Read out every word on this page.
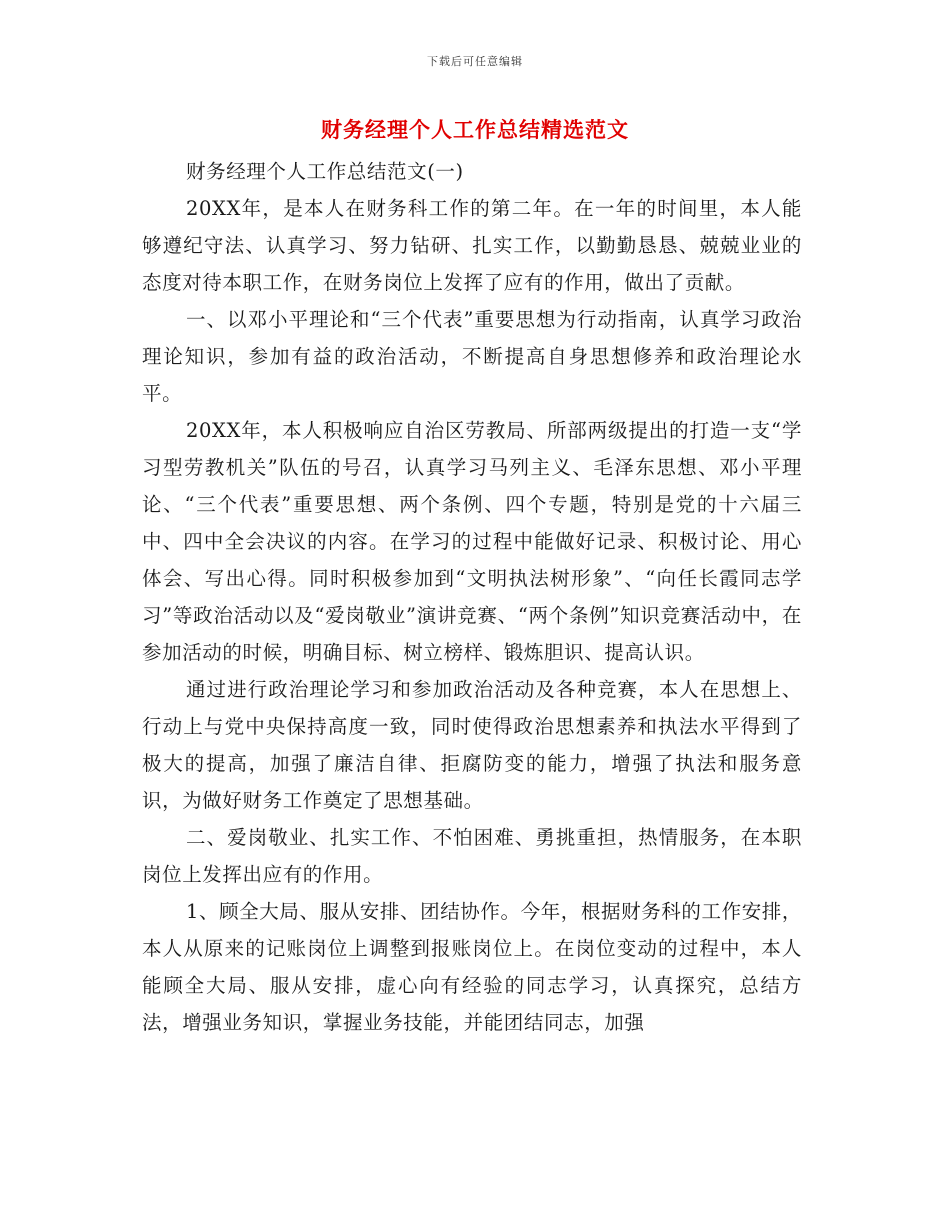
下载后可任意编辑
财务经理个人工作总结精选范文

财务经理个人工作总结范文(一)

20XX年，是本人在财务科工作的第二年。在一年的时间里，本人能够遵纪守法、认真学习、努力钻研、扎实工作，以勤勤恳恳、兢兢业业的态度对待本职工作，在财务岗位上发挥了应有的作用，做出了贡献。

一、以邓小平理论和“三个代表”重要思想为行动指南，认真学习政治理论知识，参加有益的政治活动，不断提高自身思想修养和政治理论水平。

20XX年，本人积极响应自治区劳教局、所部两级提出的打造一支“学习型劳教机关”队伍的号召，认真学习马列主义、毛泽东思想、邓小平理论、“三个代表”重要思想、两个条例、四个专题，特别是党的十六届三中、四中全会决议的内容。在学习的过程中能做好记录、积极讨论、用心体会、写出心得。同时积极参加到“文明执法树形象”、“向任长霞同志学习”等政治活动以及“爱岗敬业”演讲竞赛、“两个条例”知识竞赛活动中，在参加活动的时候，明确目标、树立榜样、锻炼胆识、提高认识。

通过进行政治理论学习和参加政治活动及各种竞赛，本人在思想上、行动上与党中央保持高度一致，同时使得政治思想素养和执法水平得到了极大的提高，加强了廉洁自律、拒腐防变的能力，增强了执法和服务意识，为做好财务工作奠定了思想基础。

二、爱岗敬业、扎实工作、不怕困难、勇挑重担，热情服务，在本职岗位上发挥出应有的作用。

1、顾全大局、服从安排、团结协作。今年，根据财务科的工作安排，本人从原来的记账岗位上调整到报账岗位上。在岗位变动的过程中，本人能顾全大局、服从安排，虚心向有经验的同志学习，认真探究，总结方法，增强业务知识，掌握业务技能，并能团结同志，加强
